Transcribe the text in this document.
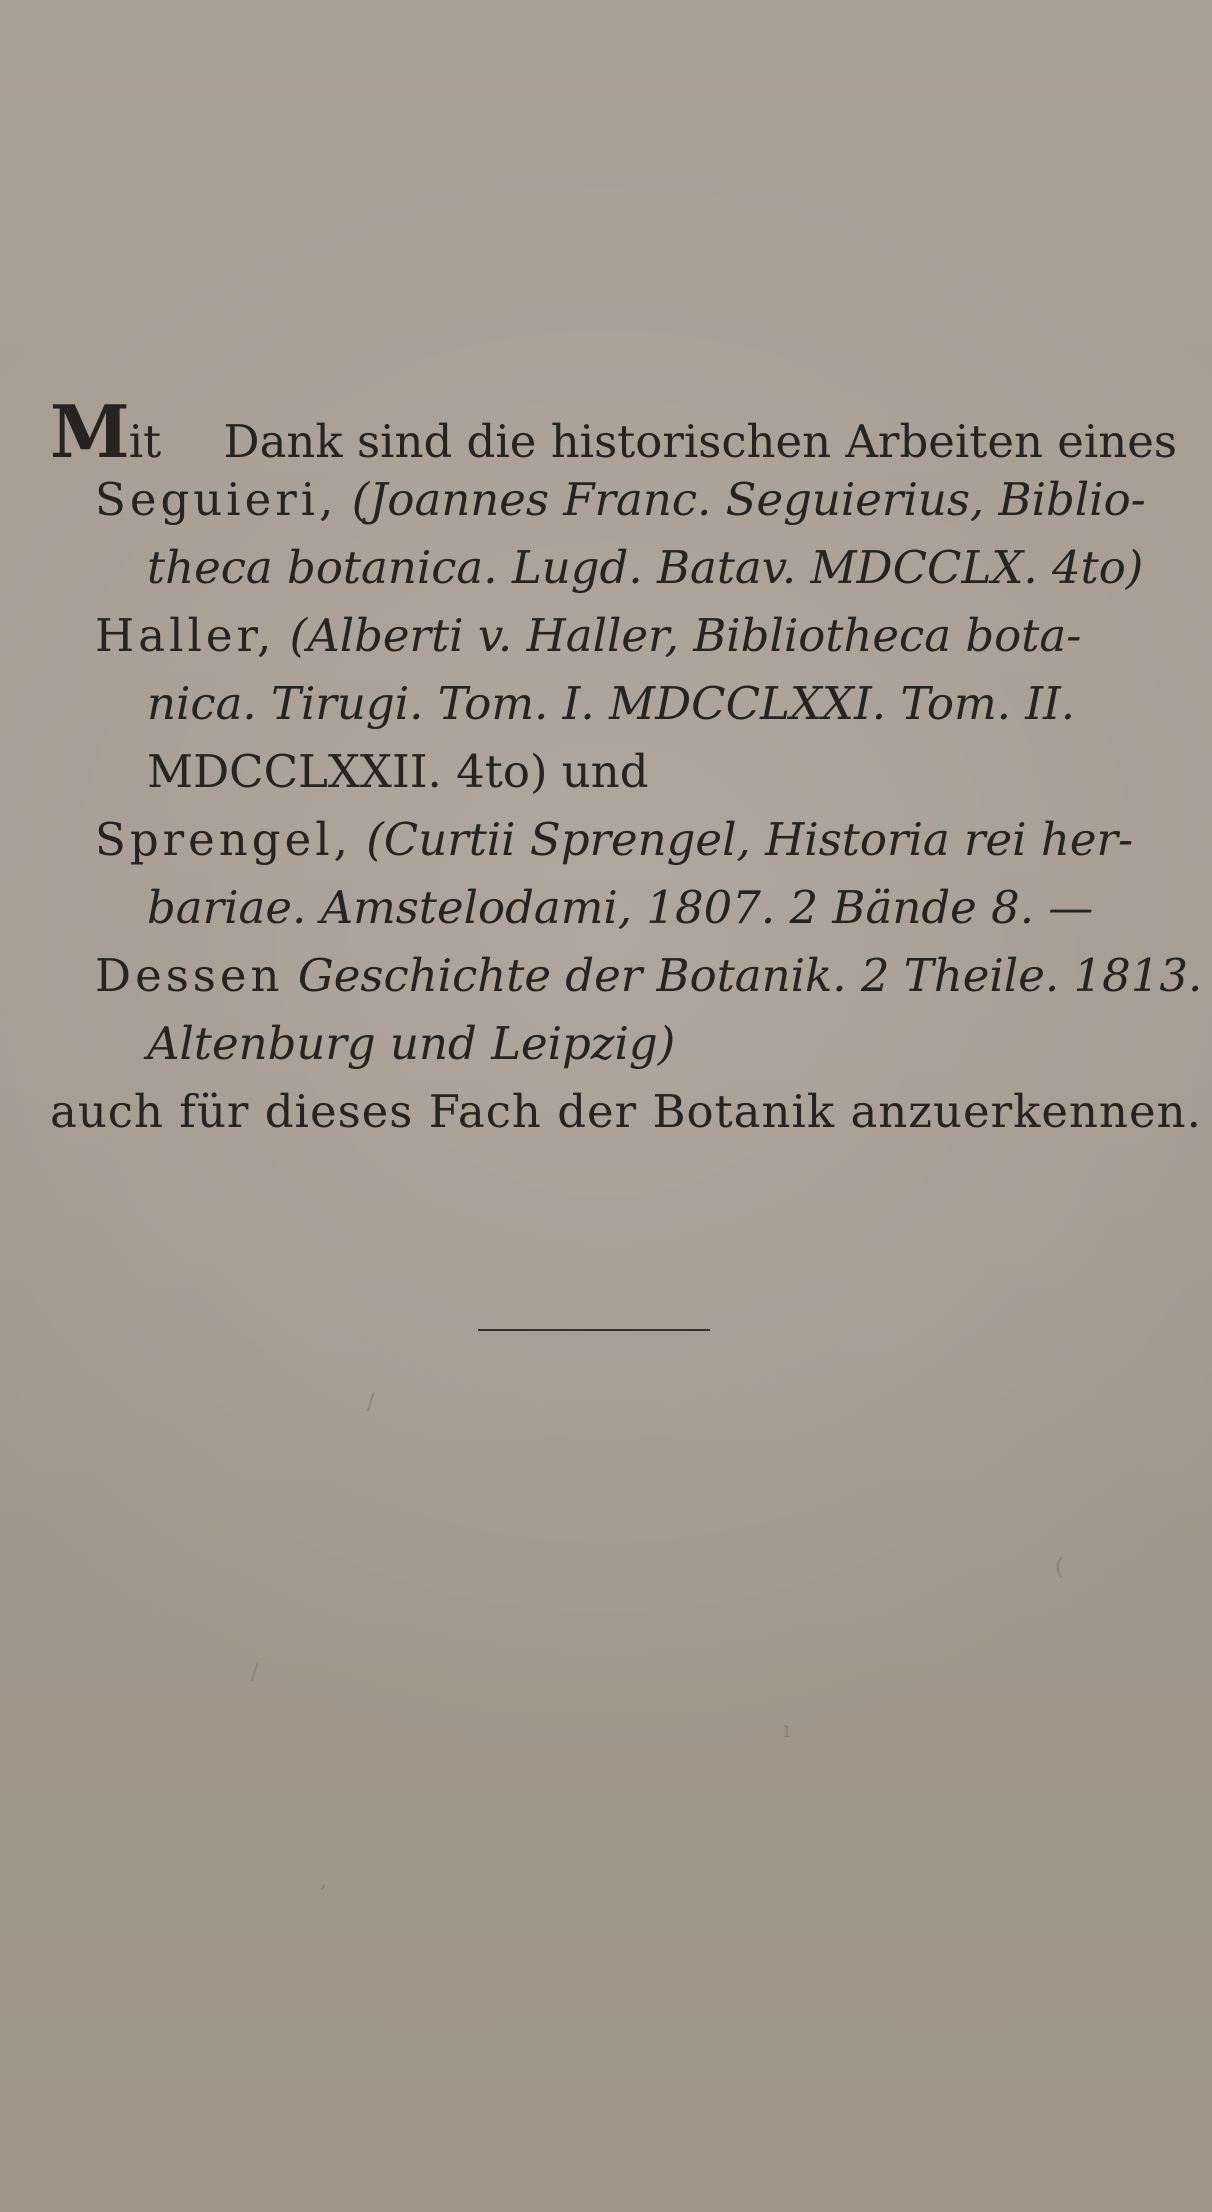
Mit Dank sind die historischen Arbeiten eines
Seguieri, (Joannes Franc. Seguierius, Biblio-
theca botanica. Lugd. Batav. MDCCLX. 4to)
Haller, (Alberti v. Haller, Bibliotheca bota-
nica. Tirugi. Tom. I. MDCCLXXI. Tom. II.
MDCCLXXII. 4to) und
Sprengel, (Curtii Sprengel, Historia rei her-
bariae. Amstelodami, 1807. 2 Bände 8. —
Dessen Geschichte der Botanik. 2 Theile. 1813.
Altenburg und Leipzig)
auch für dieses Fach der Botanik anzuerkennen.
/
/
ı
(
,
